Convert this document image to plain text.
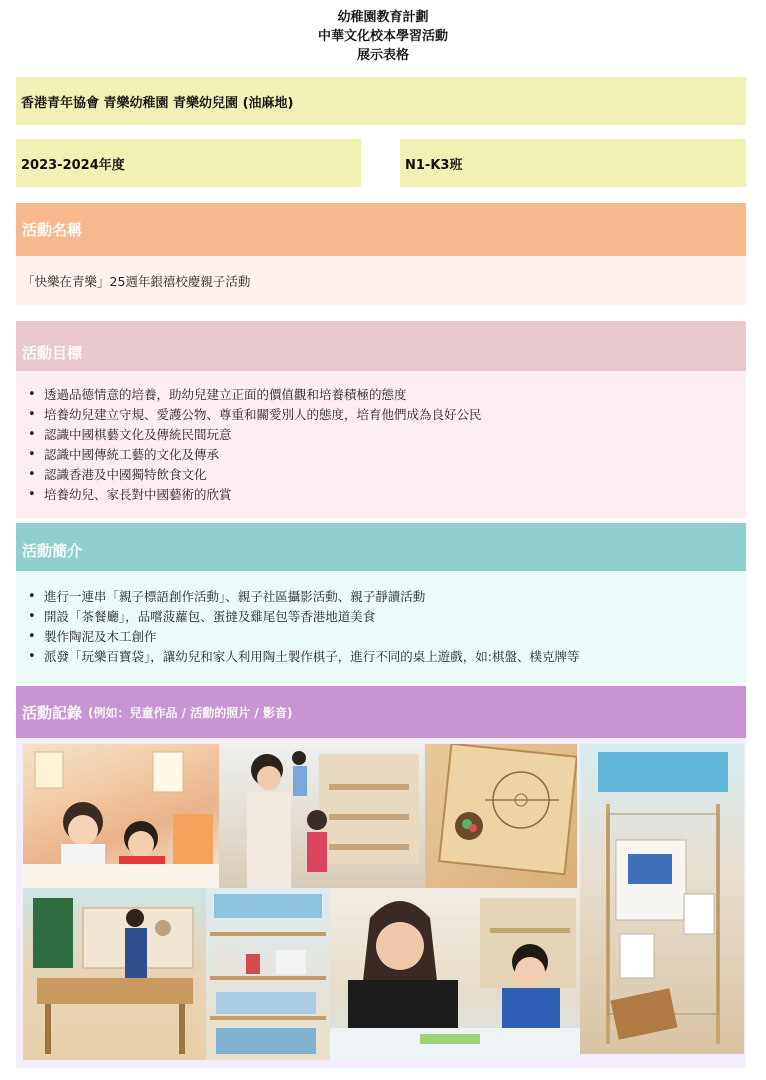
幼稚園教育計劃
中華文化校本學習活動
展示表格
香港青年協會 青樂幼稚園 青樂幼兒園 (油麻地)
2023-2024年度	N1-K3班
活動名稱
「快樂在青樂」25週年銀禧校慶親子活動
活動目標
• 透過品德情意的培養，助幼兒建立正面的價值觀和培養積極的態度
• 培養幼兒建立守規、愛護公物、尊重和關愛別人的態度，培育他們成為良好公民
• 認識中國棋藝文化及傳統民間玩意
• 認識中國傳統工藝的文化及傳承
• 認識香港及中國獨特飲食文化
• 培養幼兒、家長對中國藝術的欣賞
活動簡介
• 進行一連串「親子標語創作活動」、親子社區攝影活動、親子靜讀活動
• 開設「茶餐廳」，品嚐菠蘿包、蛋撻及雞尾包等香港地道美食
• 製作陶泥及木工創作
• 派發「玩樂百寶袋」，讓幼兒和家人利用陶土製作棋子，進行不同的桌上遊戲，如:棋盤、樸克牌等
活動記錄 (例如：兒童作品 / 活動的照片 / 影音)
